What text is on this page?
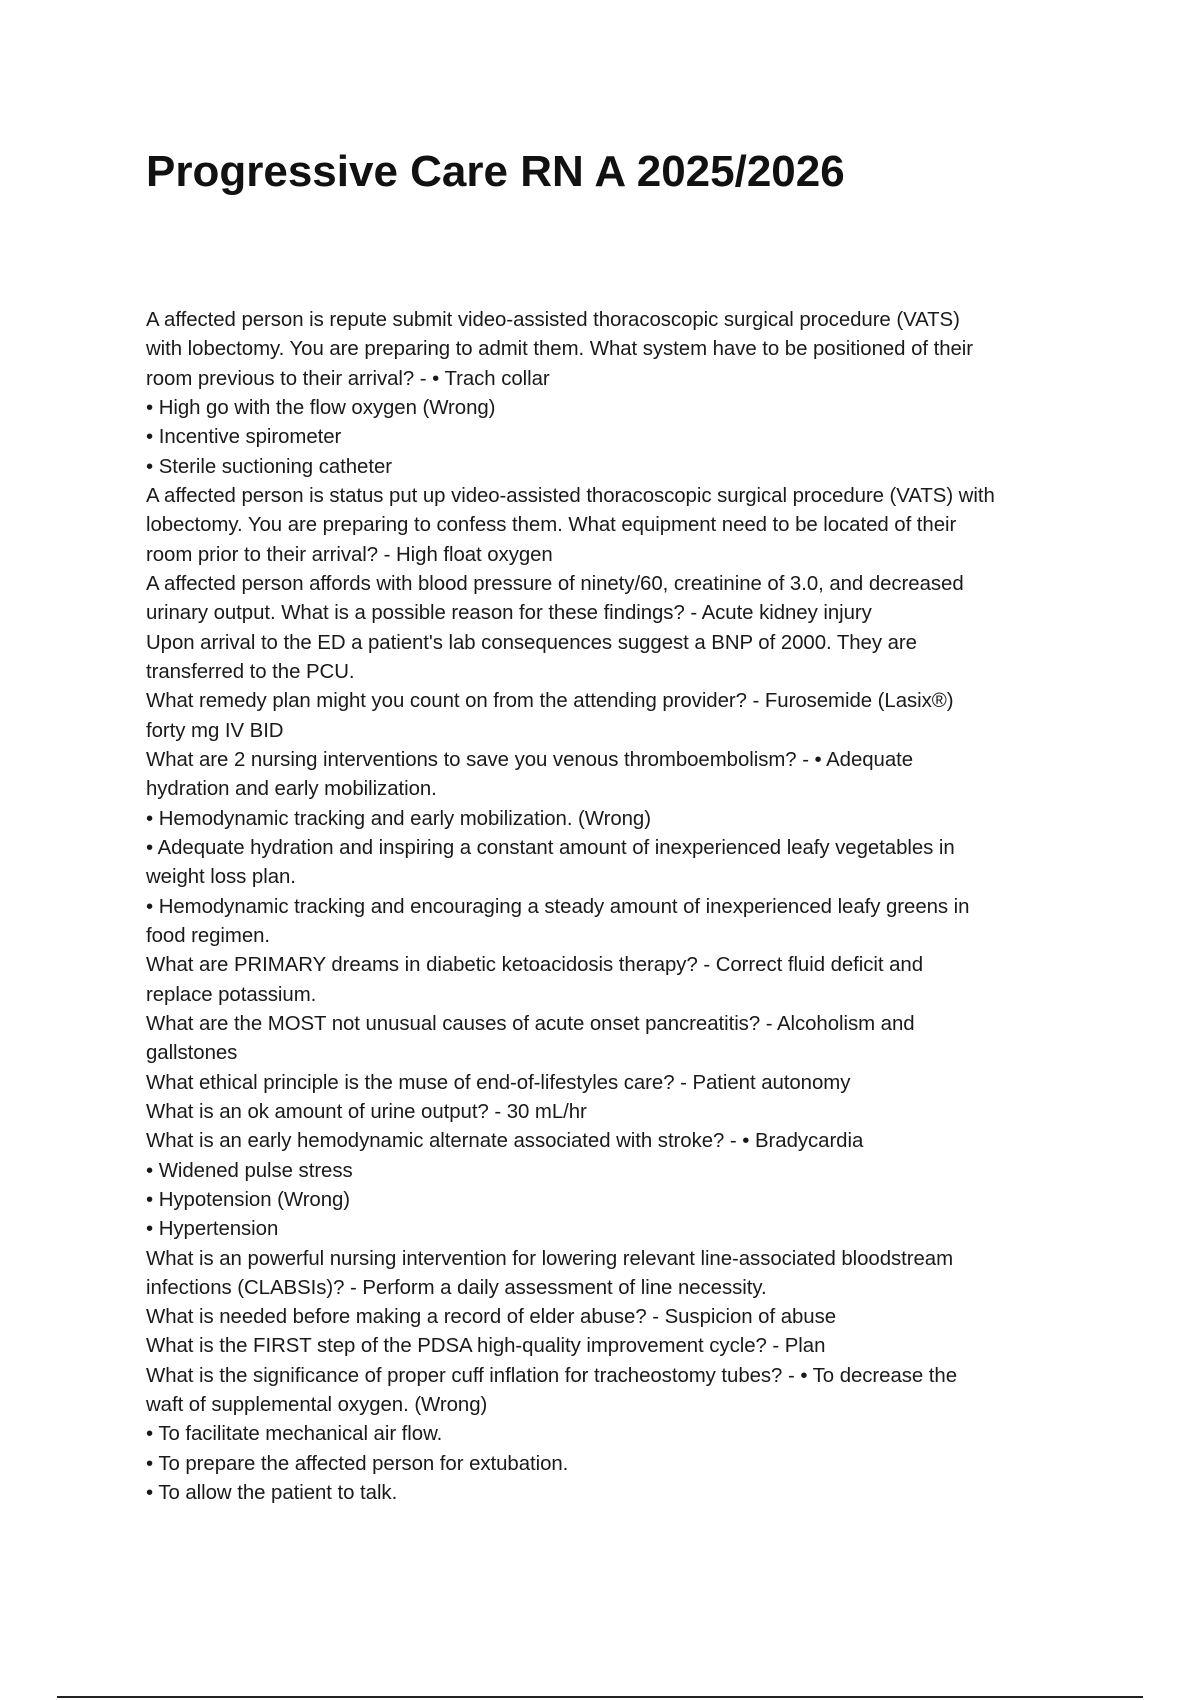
Progressive Care RN A 2025/2026
A affected person is repute submit video-assisted thoracoscopic surgical procedure (VATS)
with lobectomy. You are preparing to admit them. What system have to be positioned of their
room previous to their arrival? - • Trach collar
• High go with the flow oxygen (Wrong)
• Incentive spirometer
• Sterile suctioning catheter
A affected person is status put up video-assisted thoracoscopic surgical procedure (VATS) with
lobectomy. You are preparing to confess them. What equipment need to be located of their
room prior to their arrival? - High float oxygen
A affected person affords with blood pressure of ninety/60, creatinine of 3.0, and decreased
urinary output. What is a possible reason for these findings? - Acute kidney injury
Upon arrival to the ED a patient's lab consequences suggest a BNP of 2000. They are
transferred to the PCU.
What remedy plan might you count on from the attending provider? - Furosemide (Lasix®)
forty mg IV BID
What are 2 nursing interventions to save you venous thromboembolism? - • Adequate
hydration and early mobilization.
• Hemodynamic tracking and early mobilization. (Wrong)
• Adequate hydration and inspiring a constant amount of inexperienced leafy vegetables in
weight loss plan.
• Hemodynamic tracking and encouraging a steady amount of inexperienced leafy greens in
food regimen.
What are PRIMARY dreams in diabetic ketoacidosis therapy? - Correct fluid deficit and
replace potassium.
What are the MOST not unusual causes of acute onset pancreatitis? - Alcoholism and
gallstones
What ethical principle is the muse of end-of-lifestyles care? - Patient autonomy
What is an ok amount of urine output? - 30 mL/hr
What is an early hemodynamic alternate associated with stroke? - • Bradycardia
• Widened pulse stress
• Hypotension (Wrong)
• Hypertension
What is an powerful nursing intervention for lowering relevant line-associated bloodstream
infections (CLABSIs)? - Perform a daily assessment of line necessity.
What is needed before making a record of elder abuse? - Suspicion of abuse
What is the FIRST step of the PDSA high-quality improvement cycle? - Plan
What is the significance of proper cuff inflation for tracheostomy tubes? - • To decrease the
waft of supplemental oxygen. (Wrong)
• To facilitate mechanical air flow.
• To prepare the affected person for extubation.
• To allow the patient to talk.
